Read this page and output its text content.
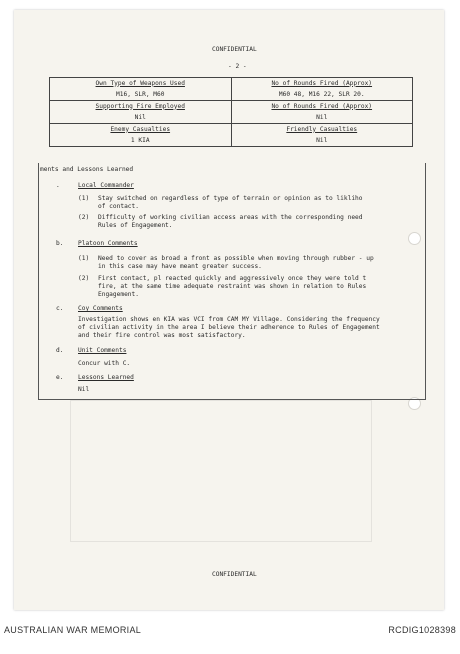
CONFIDENTIAL
- 2 -
Own Type of Weapons Used	No of Rounds Fired (Approx)
M16, SLR, M60	M60 48, M16 22, SLR 20.
Supporting Fire Employed	No of Rounds Fired (Approx)
Nil	Nil
Enemy Casualties	Friendly Casualties
1 KIA	Nil
ments and Lessons Learned
.	Local Commander
(1) Stay switched on regardless of type of terrain or opinion as to likliho
of contact.
(2) Difficulty of working civilian access areas with the corresponding need
Rules of Engagement.
b. Platoon Comments
(1) Need to cover as broad a front as possible when moving through rubber - up
in this case may have meant greater success.
(2) First contact, pl reacted quickly and aggressively once they were told t
fire, at the same time adequate restraint was shown in relation to Rules
Engagement.
c. Coy Comments
Investigation shows en KIA was VCI from CAM MY Village. Considering the frequency
of civilian activity in the area I believe their adherence to Rules of Engagement
and their fire control was most satisfactory.
d. Unit Comments
Concur with C.
e. Lessons Learned
Nil
CONFIDENTIAL
AUSTRALIAN WAR MEMORIAL	RCDIG1028398
